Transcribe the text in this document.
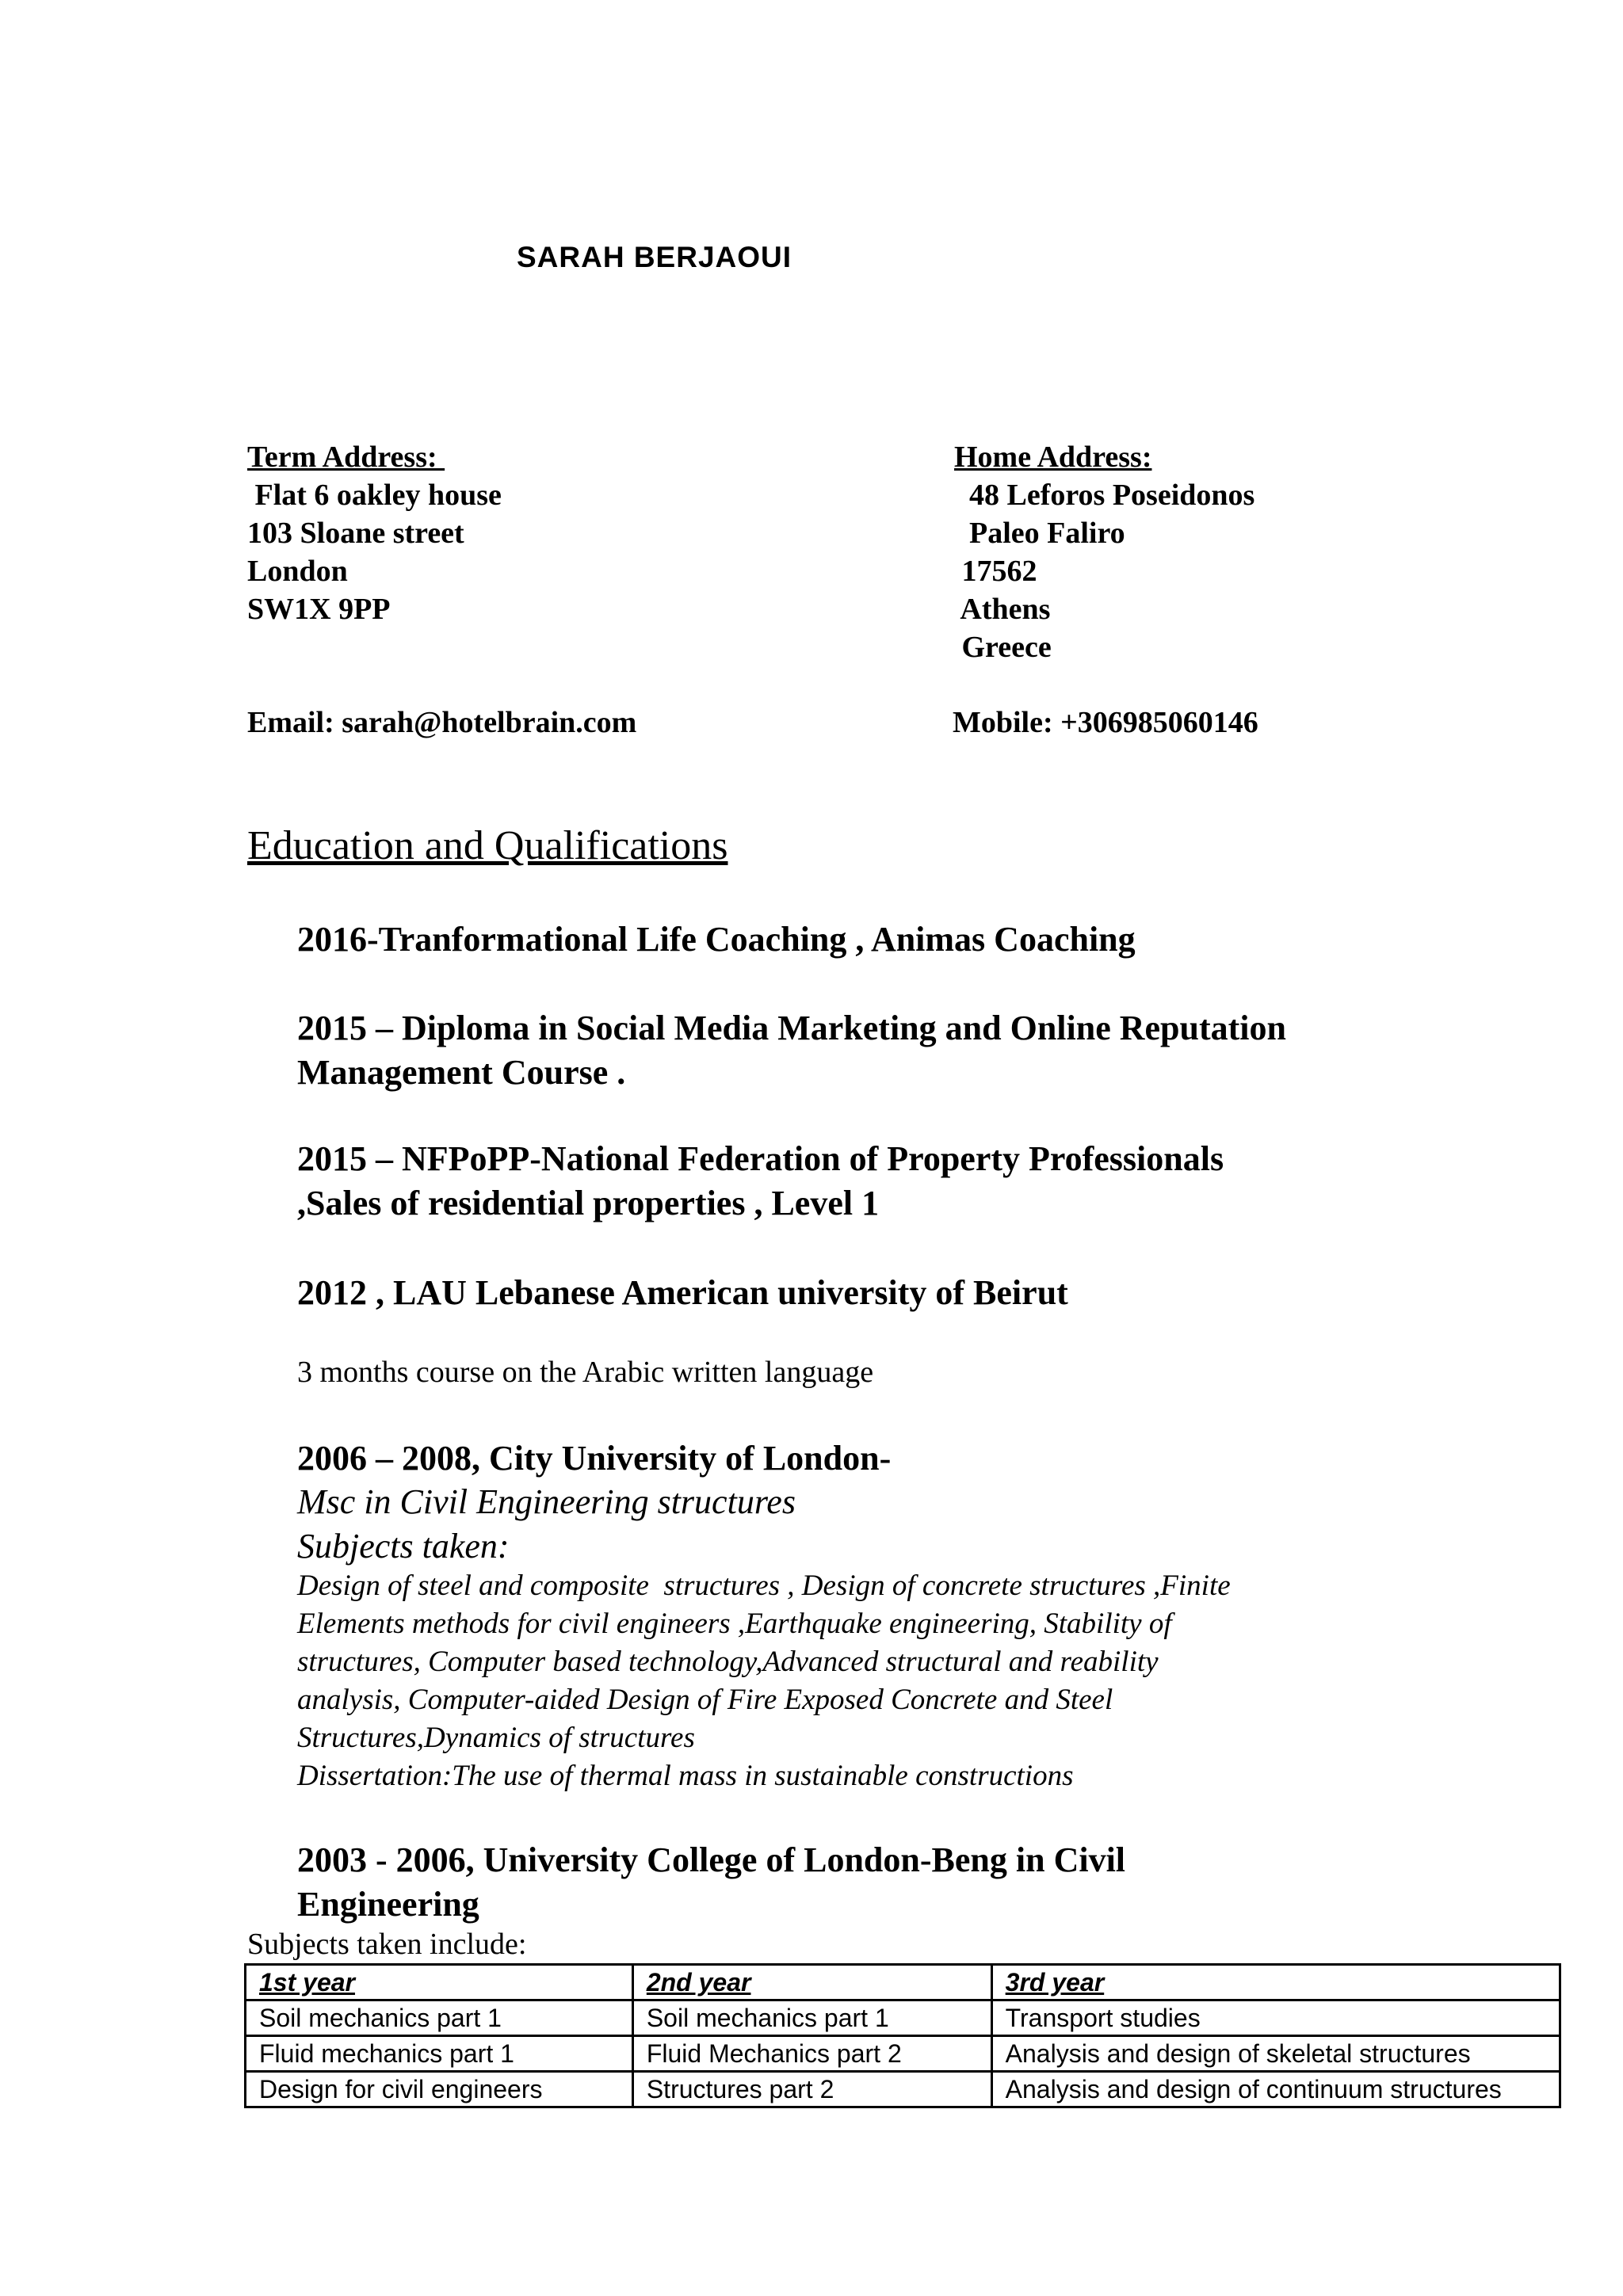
SARAH BERJAOUI
Term Address:
Flat 6 oakley house
103 Sloane street
London
SW1X 9PP
Home Address:
48 Leforos Poseidonos
Paleo Faliro
17562
Athens
Greece
Email: sarah@hotelbrain.com	Mobile: +306985060146
Education and Qualifications
2016-Tranformational Life Coaching , Animas Coaching
2015 – Diploma in Social Media Marketing and Online Reputation
Management Course .
2015 – NFPoPP-National Federation of Property Professionals
,Sales of residential properties , Level 1
2012 , LAU Lebanese American university of Beirut
3 months course on the Arabic written language
2006 – 2008, City University of London-
Msc in Civil Engineering structures
Subjects taken:
Design of steel and composite  structures , Design of concrete structures ,Finite
Elements methods for civil engineers ,Earthquake engineering, Stability of
structures, Computer based technology,Advanced structural and reability
analysis, Computer-aided Design of Fire Exposed Concrete and Steel
Structures,Dynamics of structures
Dissertation:The use of thermal mass in sustainable constructions
2003 - 2006, University College of London-Beng in Civil
Engineering
Subjects taken include:
1st year	2nd year	3rd year
Soil mechanics part 1	Soil mechanics part 1	Transport studies
Fluid mechanics part 1	Fluid Mechanics part 2	Analysis and design of skeletal structures
Design for civil engineers	Structures part 2	Analysis and design of continuum structures
